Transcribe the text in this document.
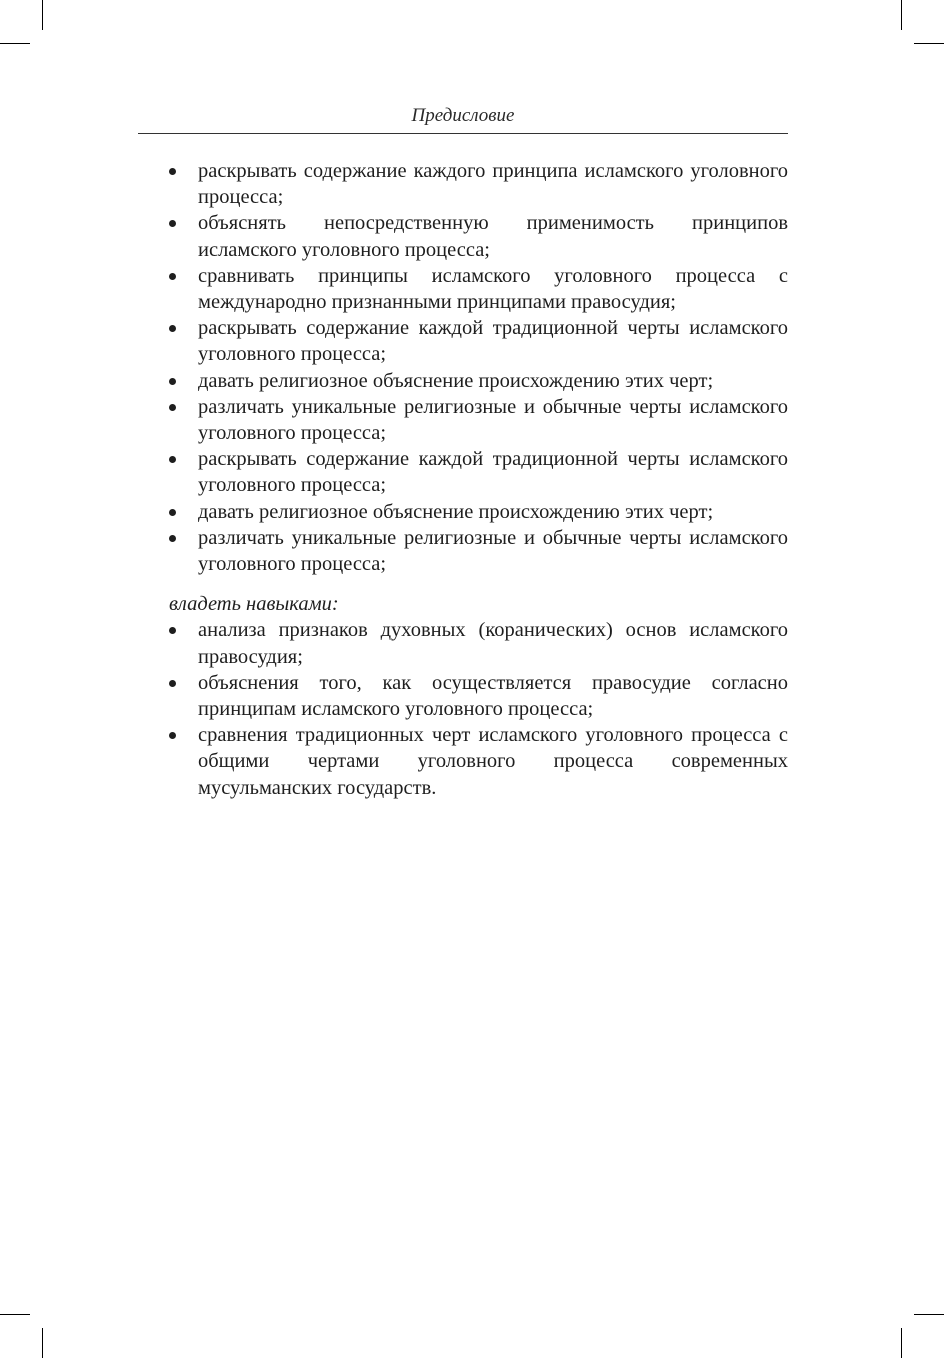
Предисловие
раскрывать содержание каждого принципа исламского уголовного процесса;
объяснять непосредственную применимость принципов исламского уголовного процесса;
сравнивать принципы исламского уголовного процесса с международно признанными принципами правосудия;
раскрывать содержание каждой традиционной черты исламского уголовного процесса;
давать религиозное объяснение происхождению этих черт;
различать уникальные религиозные и обычные черты исламского уголовного процесса;
раскрывать содержание каждой традиционной черты исламского уголовного процесса;
давать религиозное объяснение происхождению этих черт;
различать уникальные религиозные и обычные черты исламского уголовного процесса;
владеть навыками:
анализа признаков духовных (коранических) основ исламского правосудия;
объяснения того, как осуществляется правосудие согласно принципам исламского уголовного процесса;
сравнения традиционных черт исламского уголовного процесса с общими чертами уголовного процесса современных мусульманских государств.
